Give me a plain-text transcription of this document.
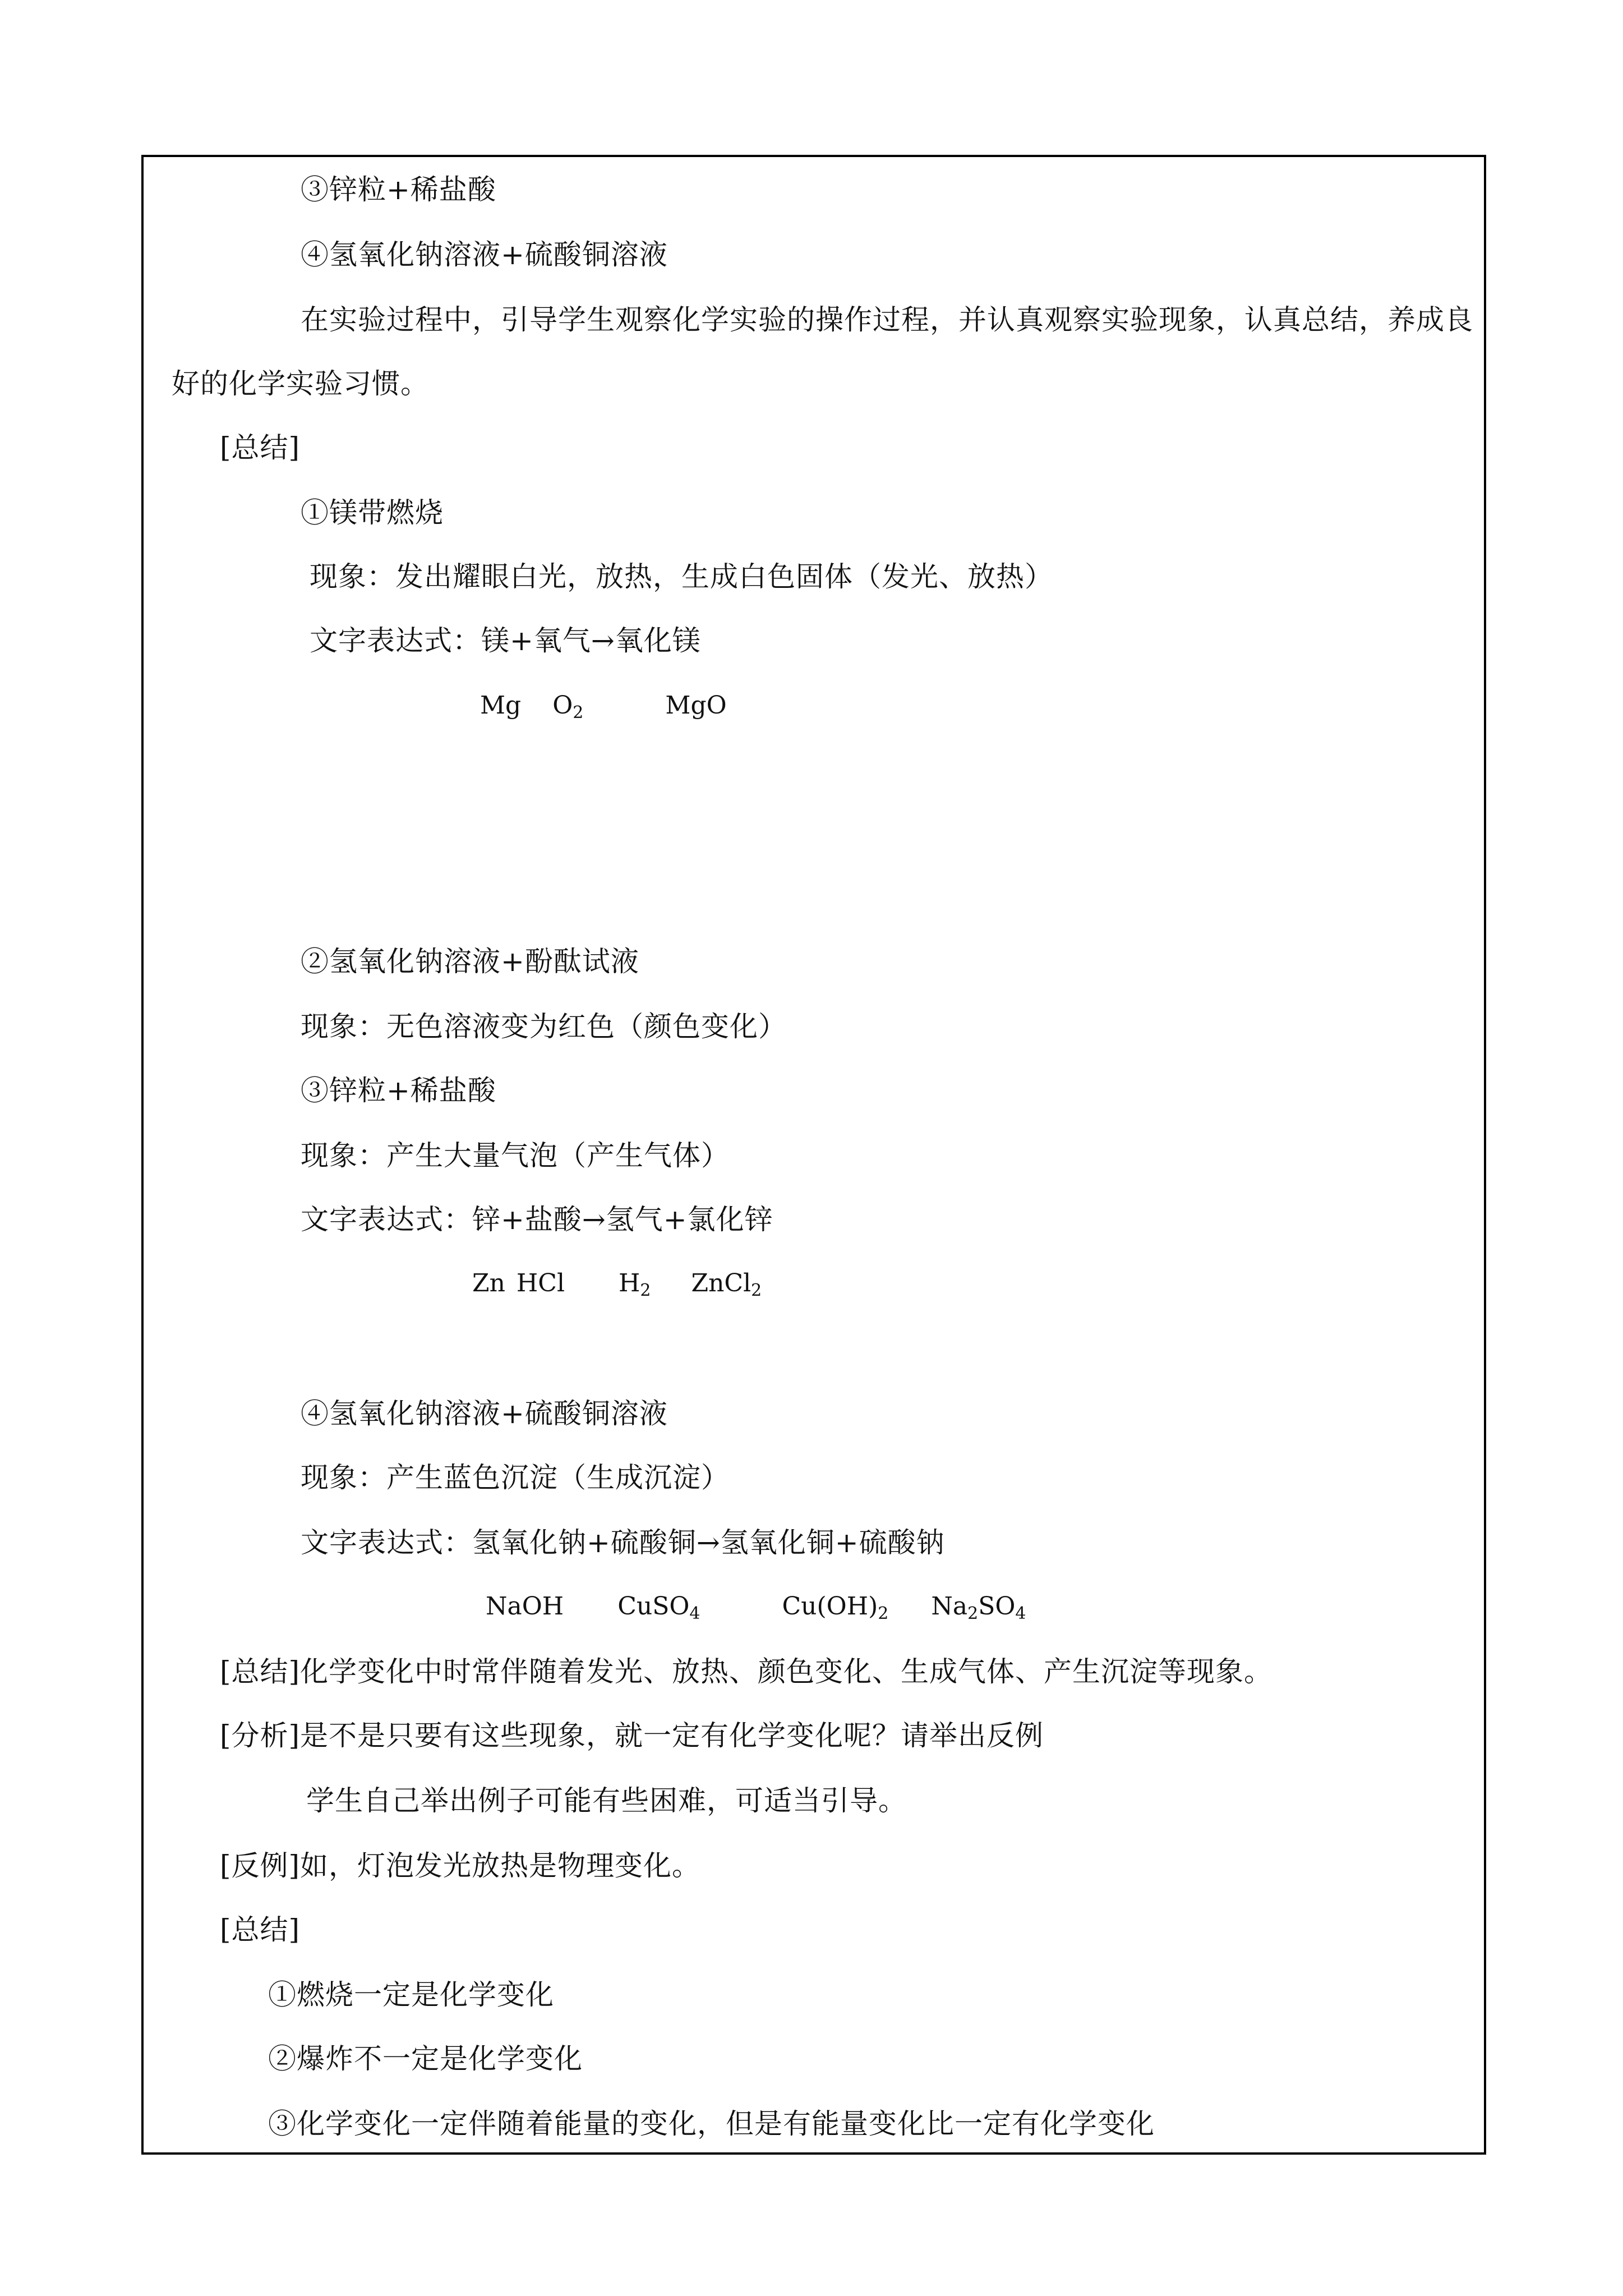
③锌粒+稀盐酸
④氢氧化钠溶液+硫酸铜溶液
在实验过程中，引导学生观察化学实验的操作过程，并认真观察实验现象，认真总结，养成良
好的化学实验习惯。
[总结]
①镁带燃烧
现象：发出耀眼白光，放热，生成白色固体（发光、放热）
文字表达式：镁+氧气→氧化镁
Mg $O_2$	MgO
②氢氧化钠溶液+酚酞试液
现象：无色溶液变为红色（颜色变化）
③锌粒+稀盐酸
现象：产生大量气泡（产生气体）
文字表达式：锌+盐酸→氢气+氯化锌
Zn HCl $H_2$ ZnCl$_2$
④氢氧化钠溶液+硫酸铜溶液
现象：产生蓝色沉淀（生成沉淀）
文字表达式：氢氧化钠+硫酸铜→氢氧化铜+硫酸钠
NaOH CuSO$_4$	$Cu(OH)_2$ $Na_2SO_4$
[总结]化学变化中时常伴随着发光、放热、颜色变化、生成气体、产生沉淀等现象。
[分析]是不是只要有这些现象，就一定有化学变化呢？请举出反例
学生自己举出例子可能有些困难，可适当引导。
[反例]如，灯泡发光放热是物理变化。
[总结]
①燃烧一定是化学变化
②爆炸不一定是化学变化
③化学变化一定伴随着能量的变化，但是有能量变化比一定有化学变化
